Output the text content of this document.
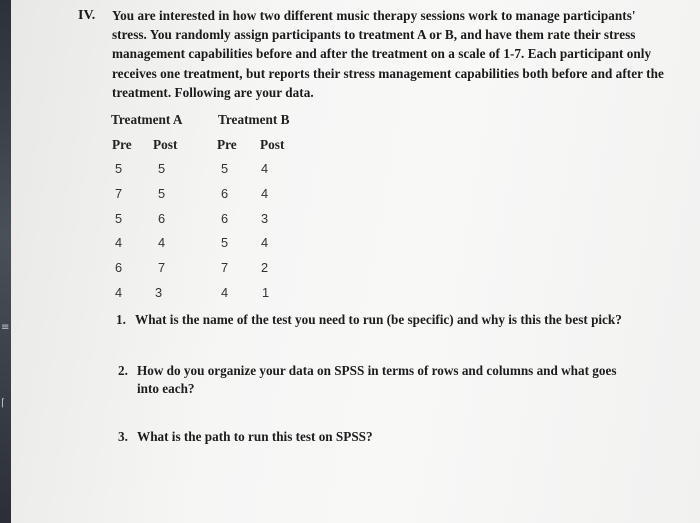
≡
⌈
IV.	You are interested in how two different music therapy sessions work to manage participants' stress. You randomly assign participants to treatment A or B, and have them rate their stress management capabilities before and after the treatment on a scale of 1-7. Each participant only receives one treatment, but reports their stress management capabilities both before and after the treatment. Following are your data.
Treatment A	Treatment B
Pre Post	Pre Post
5	5	5	4
7	5	6	4
5	6	6	3
4	4	5	4
6	7	7	2
4	3	4	1
1. What is the name of the test you need to run (be specific) and why is this the best pick?
2. How do you organize your data on SPSS in terms of rows and columns and what goes
into each?
3. What is the path to run this test on SPSS?
